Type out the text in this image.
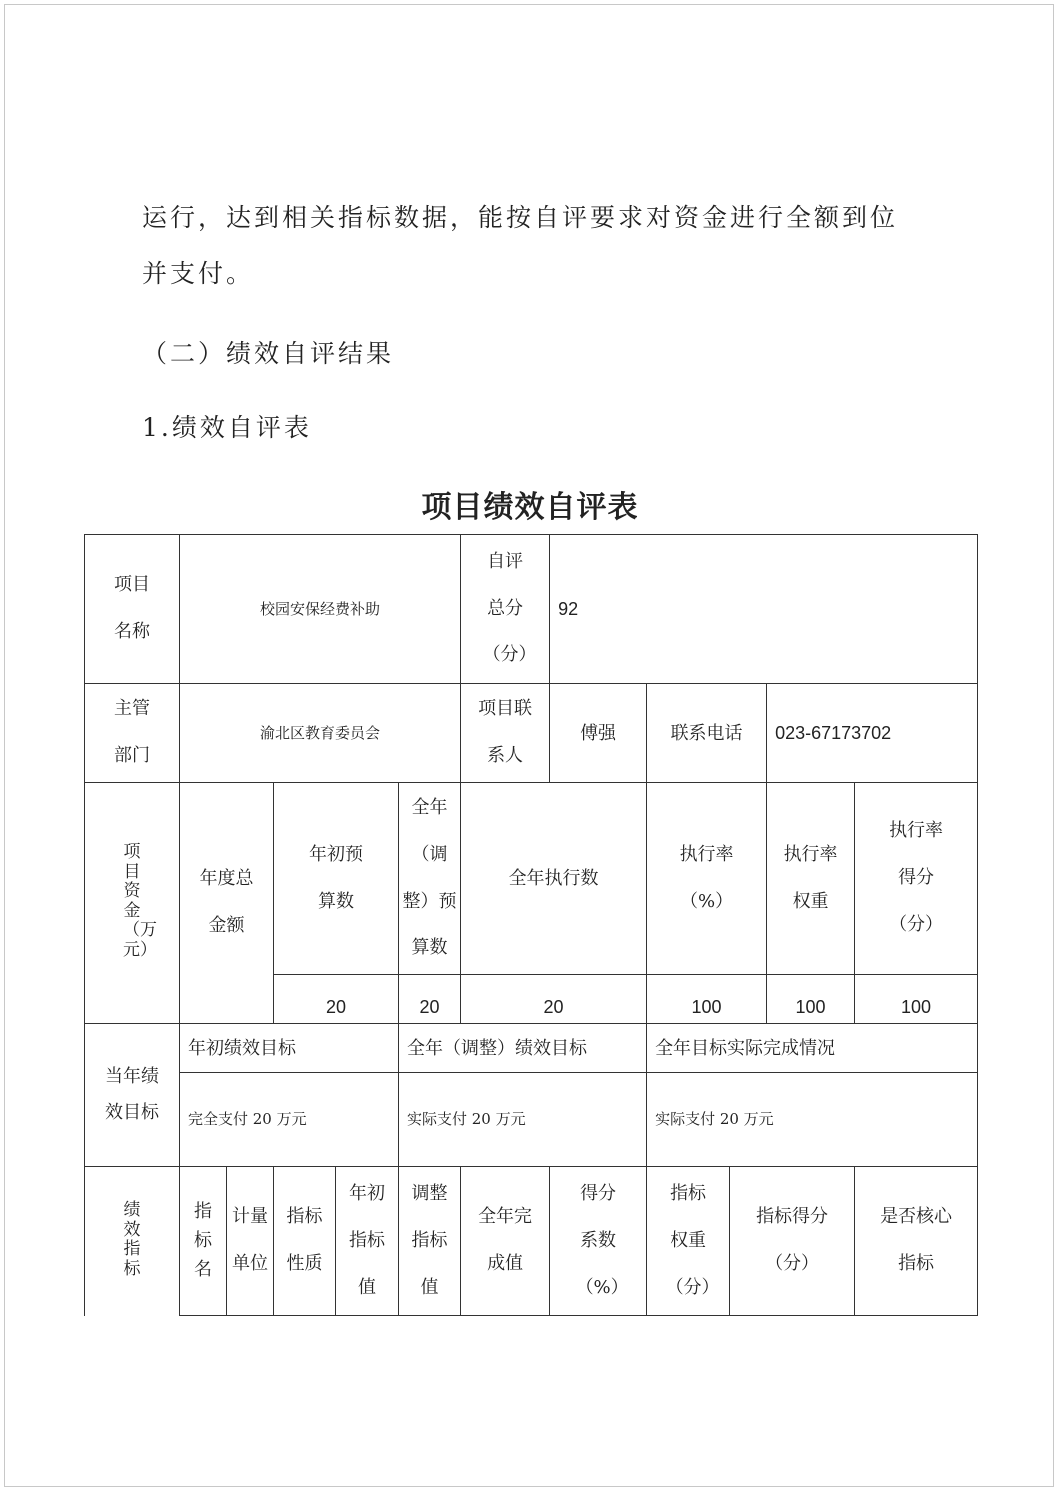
运行，达到相关指标数据，能按自评要求对资金进行全额到位
并支付。
（二）绩效自评结果
1.绩效自评表
项目绩效自评表
项目名称	校园安保经费补助					自评总分（分）	92				
主管部门	渝北区教育委员会					项目联系人	傅强	联系电话		023-67173702	
项目资金（万元）	年度总金额		年初预算数		全年（调整）预算数	全年执行数		执行率（%）		执行率权重	执行率得分（分）
			20		20	20		100		100	100
当年绩效目标	年初绩效目标				全年（调整）绩效目标			全年目标实际完成情况			
	完全支付 20 万元				实际支付 20 万元			实际支付 20 万元			
绩效指标	指标名	计量单位	指标性质	年初指标值	调整指标值	全年完成值	得分系数（%）	指标权重（分）	指标得分（分）		是否核心指标
